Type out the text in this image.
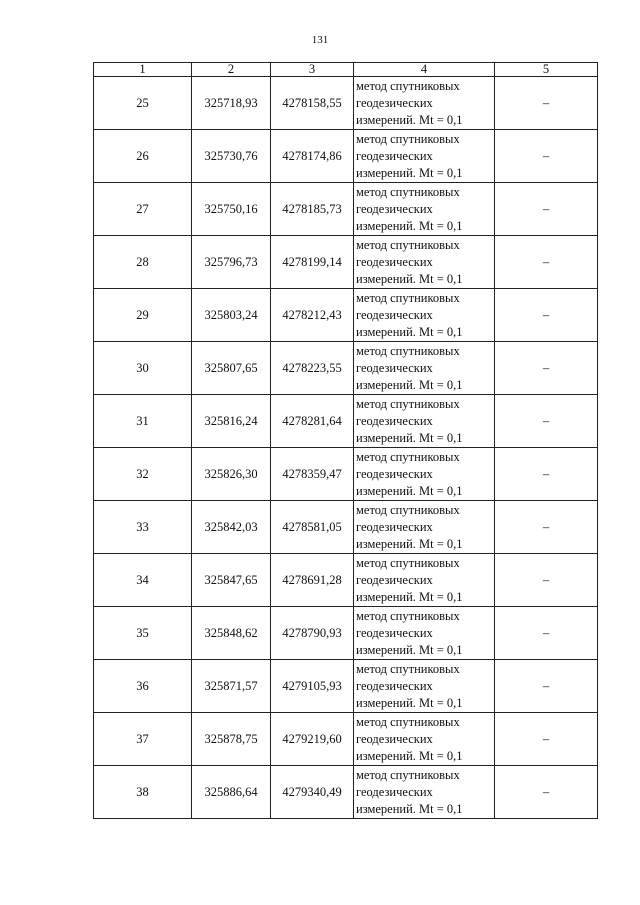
131
1	2	3	4	5
25	325718,93	4278158,55	метод спутниковых
геодезических
измерений. Mt = 0,1	–
26	325730,76	4278174,86	метод спутниковых
геодезических
измерений. Mt = 0,1	–
27	325750,16	4278185,73	метод спутниковых
геодезических
измерений. Mt = 0,1	–
28	325796,73	4278199,14	метод спутниковых
геодезических
измерений. Mt = 0,1	–
29	325803,24	4278212,43	метод спутниковых
геодезических
измерений. Mt = 0,1	–
30	325807,65	4278223,55	метод спутниковых
геодезических
измерений. Mt = 0,1	–
31	325816,24	4278281,64	метод спутниковых
геодезических
измерений. Mt = 0,1	–
32	325826,30	4278359,47	метод спутниковых
геодезических
измерений. Mt = 0,1	–
33	325842,03	4278581,05	метод спутниковых
геодезических
измерений. Mt = 0,1	–
34	325847,65	4278691,28	метод спутниковых
геодезических
измерений. Mt = 0,1	–
35	325848,62	4278790,93	метод спутниковых
геодезических
измерений. Mt = 0,1	–
36	325871,57	4279105,93	метод спутниковых
геодезических
измерений. Mt = 0,1	–
37	325878,75	4279219,60	метод спутниковых
геодезических
измерений. Mt = 0,1	–
38	325886,64	4279340,49	метод спутниковых
геодезических
измерений. Mt = 0,1	–
